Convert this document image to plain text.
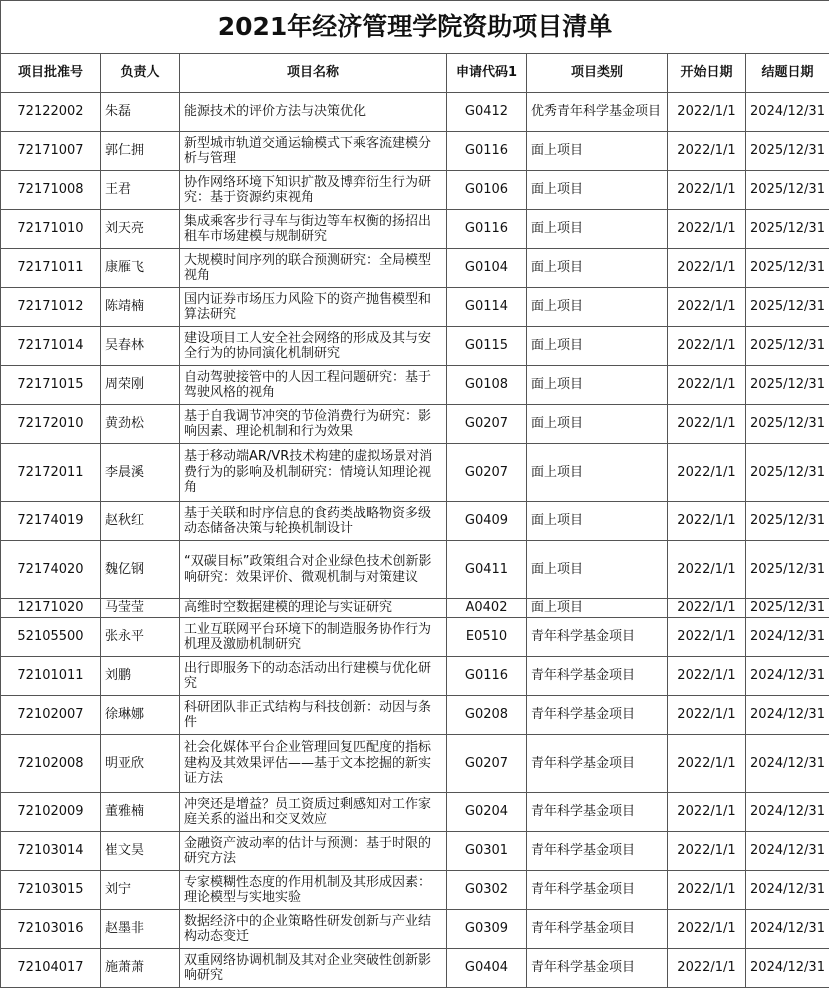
2021年经济管理学院资助项目清单						
项目批准号	负责人	项目名称	申请代码1	项目类别	开始日期	结题日期
72122002	朱磊	能源技术的评价方法与决策优化	G0412	优秀青年科学基金项目	2022/1/1	2024/12/31
72171007	郭仁拥	新型城市轨道交通运输模式下乘客流建模分析与管理	G0116	面上项目	2022/1/1	2025/12/31
72171008	王君	协作网络环境下知识扩散及博弈衍生行为研究：基于资源约束视角	G0106	面上项目	2022/1/1	2025/12/31
72171010	刘天亮	集成乘客步行寻车与街边等车权衡的扬招出租车市场建模与规制研究	G0116	面上项目	2022/1/1	2025/12/31
72171011	康雁飞	大规模时间序列的联合预测研究：全局模型视角	G0104	面上项目	2022/1/1	2025/12/31
72171012	陈靖楠	国内证券市场压力风险下的资产抛售模型和算法研究	G0114	面上项目	2022/1/1	2025/12/31
72171014	吴春林	建设项目工人安全社会网络的形成及其与安全行为的协同演化机制研究	G0115	面上项目	2022/1/1	2025/12/31
72171015	周荣刚	自动驾驶接管中的人因工程问题研究：基于驾驶风格的视角	G0108	面上项目	2022/1/1	2025/12/31
72172010	黄劲松	基于自我调节冲突的节俭消费行为研究：影响因素、理论机制和行为效果	G0207	面上项目	2022/1/1	2025/12/31
72172011	李晨溪	基于移动端AR/VR技术构建的虚拟场景对消费行为的影响及机制研究：情境认知理论视角	G0207	面上项目	2022/1/1	2025/12/31
72174019	赵秋红	基于关联和时序信息的食药类战略物资多级动态储备决策与轮换机制设计	G0409	面上项目	2022/1/1	2025/12/31
72174020	魏亿钢	“双碳目标”政策组合对企业绿色技术创新影响研究：效果评价、微观机制与对策建议	G0411	面上项目	2022/1/1	2025/12/31
12171020	马莹莹	高维时空数据建模的理论与实证研究	A0402	面上项目	2022/1/1	2025/12/31
52105500	张永平	工业互联网平台环境下的制造服务协作行为机理及激励机制研究	E0510	青年科学基金项目	2022/1/1	2024/12/31
72101011	刘鹏	出行即服务下的动态活动出行建模与优化研究	G0116	青年科学基金项目	2022/1/1	2024/12/31
72102007	徐琳娜	科研团队非正式结构与科技创新：动因与条件	G0208	青年科学基金项目	2022/1/1	2024/12/31
72102008	明亚欣	社会化媒体平台企业管理回复匹配度的指标建构及其效果评估——基于文本挖掘的新实证方法	G0207	青年科学基金项目	2022/1/1	2024/12/31
72102009	董雅楠	冲突还是增益？员工资质过剩感知对工作家庭关系的溢出和交叉效应	G0204	青年科学基金项目	2022/1/1	2024/12/31
72103014	崔文昊	金融资产波动率的估计与预测：基于时限的研究方法	G0301	青年科学基金项目	2022/1/1	2024/12/31
72103015	刘宁	专家模糊性态度的作用机制及其形成因素：理论模型与实地实验	G0302	青年科学基金项目	2022/1/1	2024/12/31
72103016	赵墨非	数据经济中的企业策略性研发创新与产业结构动态变迁	G0309	青年科学基金项目	2022/1/1	2024/12/31
72104017	施萧萧	双重网络协调机制及其对企业突破性创新影响研究	G0404	青年科学基金项目	2022/1/1	2024/12/31
